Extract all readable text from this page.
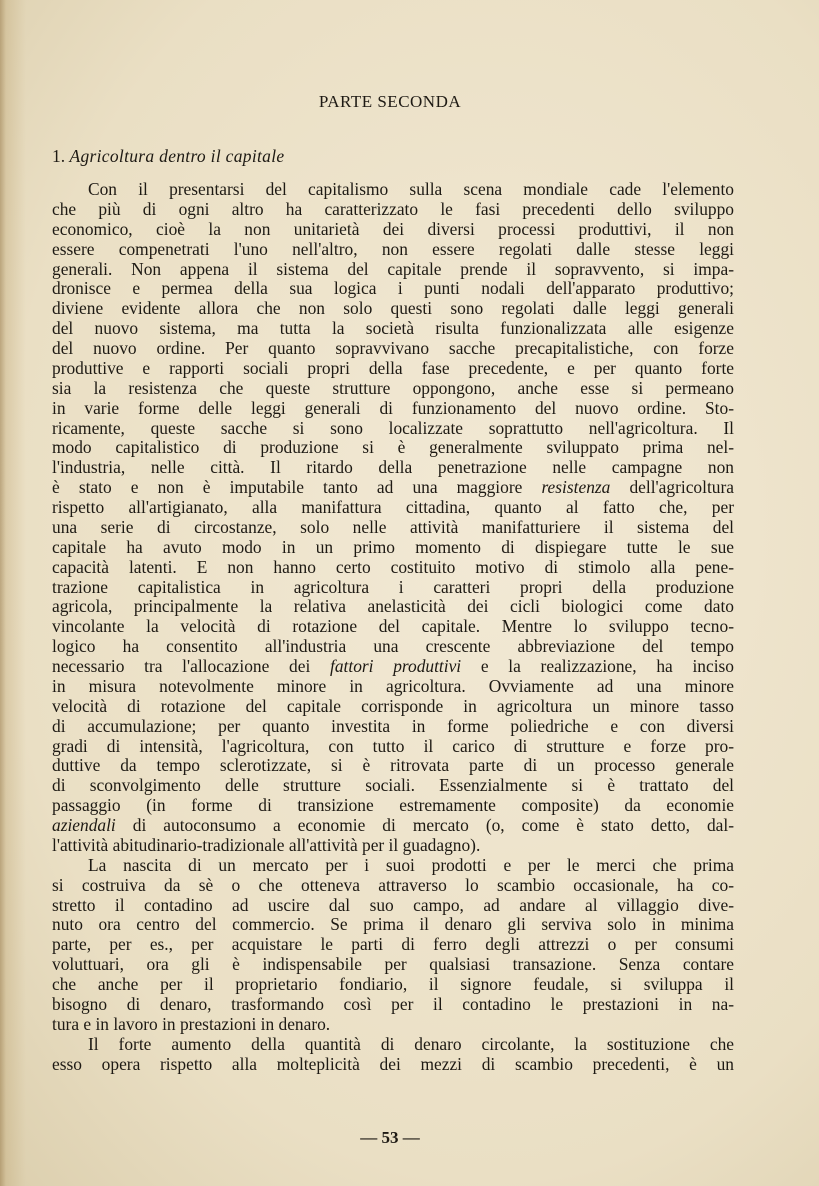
PARTE SECONDA
1. Agricoltura dentro il capitale
Con il presentarsi del capitalismo sulla scena mondiale cade l'elemento
che più di ogni altro ha caratterizzato le fasi precedenti dello sviluppo
economico, cioè la non unitarietà dei diversi processi produttivi, il non
essere compenetrati l'uno nell'altro, non essere regolati dalle stesse leggi
generali. Non appena il sistema del capitale prende il sopravvento, si impa-
dronisce e permea della sua logica i punti nodali dell'apparato produttivo;
diviene evidente allora che non solo questi sono regolati dalle leggi generali
del nuovo sistema, ma tutta la società risulta funzionalizzata alle esigenze
del nuovo ordine. Per quanto sopravvivano sacche precapitalistiche, con forze
produttive e rapporti sociali propri della fase precedente, e per quanto forte
sia la resistenza che queste strutture oppongono, anche esse si permeano
in varie forme delle leggi generali di funzionamento del nuovo ordine. Sto-
ricamente, queste sacche si sono localizzate soprattutto nell'agricoltura. Il
modo capitalistico di produzione si è generalmente sviluppato prima nel-
l'industria, nelle città. Il ritardo della penetrazione nelle campagne non
è stato e non è imputabile tanto ad una maggiore resistenza dell'agricoltura
rispetto all'artigianato, alla manifattura cittadina, quanto al fatto che, per
una serie di circostanze, solo nelle attività manifatturiere il sistema del
capitale ha avuto modo in un primo momento di dispiegare tutte le sue
capacità latenti. E non hanno certo costituito motivo di stimolo alla pene-
trazione capitalistica in agricoltura i caratteri propri della produzione
agricola, principalmente la relativa anelasticità dei cicli biologici come dato
vincolante la velocità di rotazione del capitale. Mentre lo sviluppo tecno-
logico ha consentito all'industria una crescente abbreviazione del tempo
necessario tra l'allocazione dei fattori produttivi e la realizzazione, ha inciso
in misura notevolmente minore in agricoltura. Ovviamente ad una minore
velocità di rotazione del capitale corrisponde in agricoltura un minore tasso
di accumulazione; per quanto investita in forme poliedriche e con diversi
gradi di intensità, l'agricoltura, con tutto il carico di strutture e forze pro-
duttive da tempo sclerotizzate, si è ritrovata parte di un processo generale
di sconvolgimento delle strutture sociali. Essenzialmente si è trattato del
passaggio (in forme di transizione estremamente composite) da economie
aziendali di autoconsumo a economie di mercato (o, come è stato detto, dal-
l'attività abitudinario-tradizionale all'attività per il guadagno).
La nascita di un mercato per i suoi prodotti e per le merci che prima
si costruiva da sè o che otteneva attraverso lo scambio occasionale, ha co-
stretto il contadino ad uscire dal suo campo, ad andare al villaggio dive-
nuto ora centro del commercio. Se prima il denaro gli serviva solo in minima
parte, per es., per acquistare le parti di ferro degli attrezzi o per consumi
voluttuari, ora gli è indispensabile per qualsiasi transazione. Senza contare
che anche per il proprietario fondiario, il signore feudale, si sviluppa il
bisogno di denaro, trasformando così per il contadino le prestazioni in na-
tura e in lavoro in prestazioni in denaro.
Il forte aumento della quantità di denaro circolante, la sostituzione che
esso opera rispetto alla molteplicità dei mezzi di scambio precedenti, è un
— 53 —
